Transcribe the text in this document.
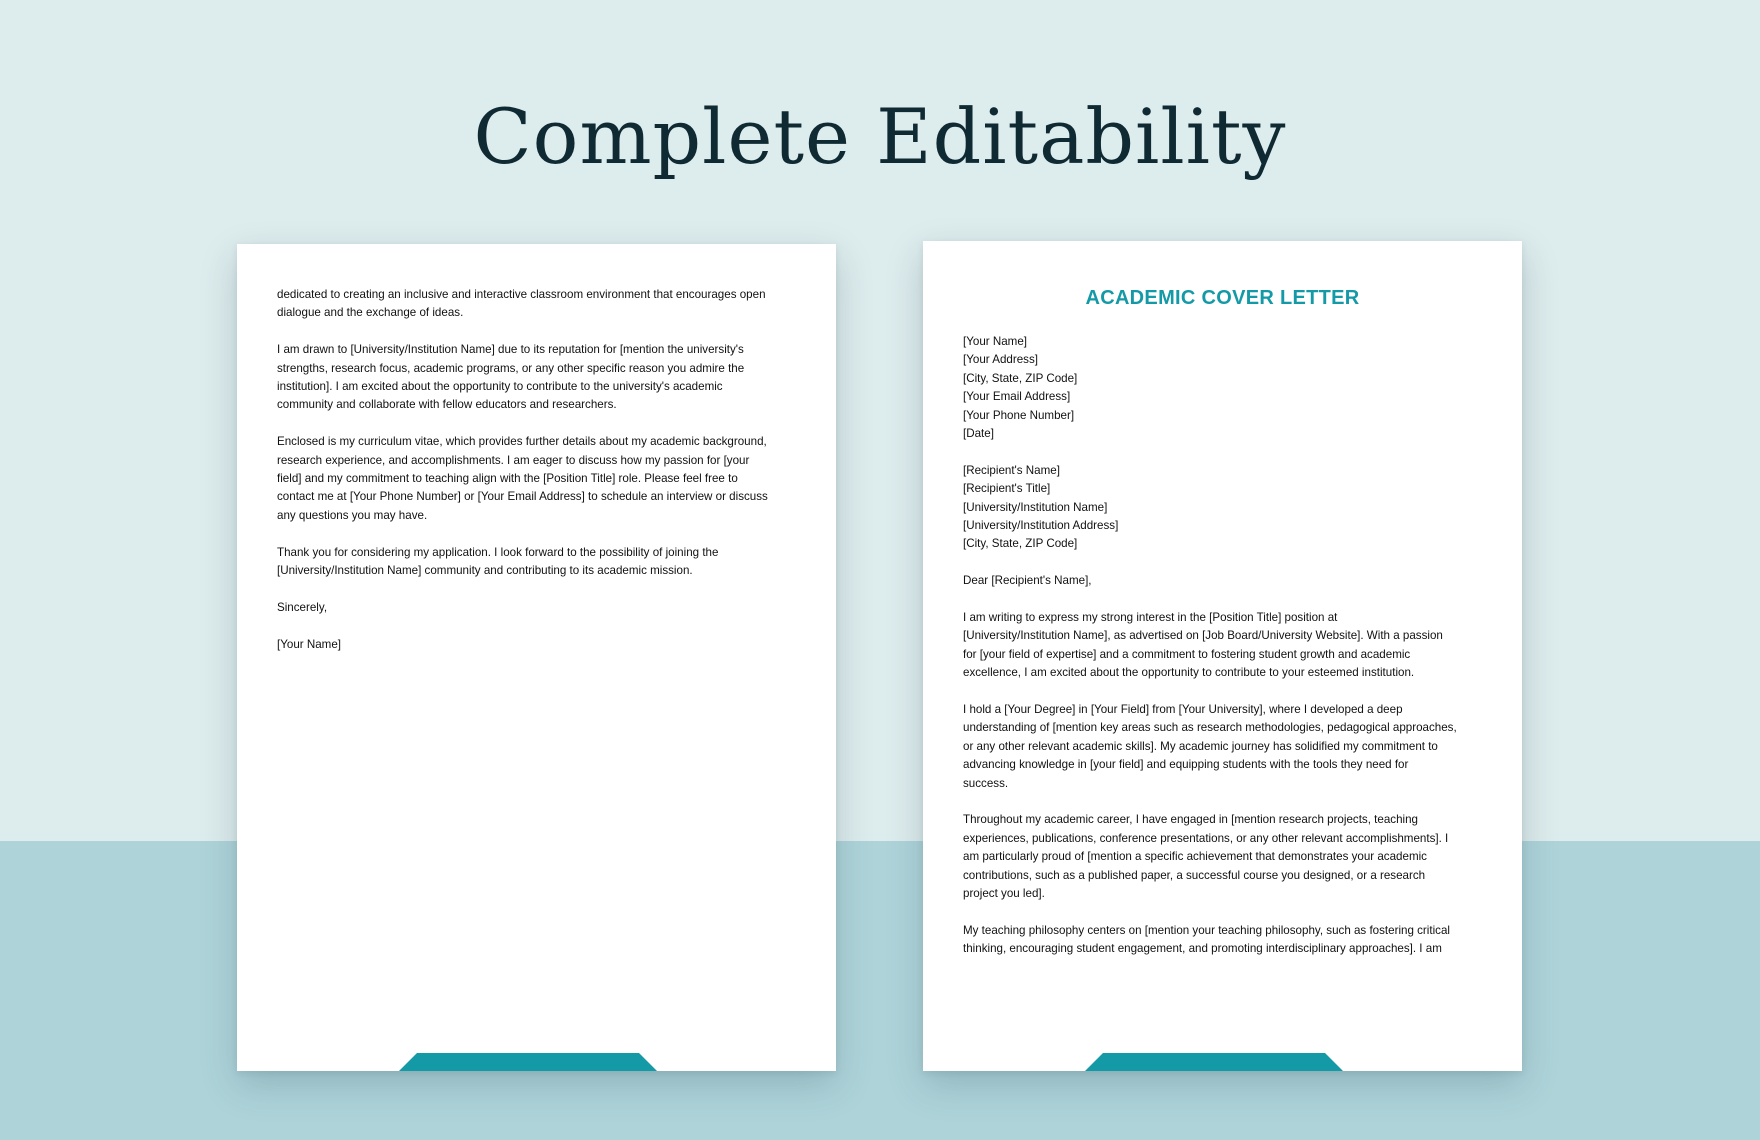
Complete Editability
dedicated to creating an inclusive and interactive classroom environment that encourages open
dialogue and the exchange of ideas.
I am drawn to [University/Institution Name] due to its reputation for [mention the university's
strengths, research focus, academic programs, or any other specific reason you admire the
institution]. I am excited about the opportunity to contribute to the university's academic
community and collaborate with fellow educators and researchers.
Enclosed is my curriculum vitae, which provides further details about my academic background,
research experience, and accomplishments. I am eager to discuss how my passion for [your
field] and my commitment to teaching align with the [Position Title] role. Please feel free to
contact me at [Your Phone Number] or [Your Email Address] to schedule an interview or discuss
any questions you may have.
Thank you for considering my application. I look forward to the possibility of joining the
[University/Institution Name] community and contributing to its academic mission.
Sincerely,
[Your Name]
ACADEMIC COVER LETTER
[Your Name]
[Your Address]
[City, State, ZIP Code]
[Your Email Address]
[Your Phone Number]
[Date]
[Recipient's Name]
[Recipient's Title]
[University/Institution Name]
[University/Institution Address]
[City, State, ZIP Code]
Dear [Recipient's Name],
I am writing to express my strong interest in the [Position Title] position at
[University/Institution Name], as advertised on [Job Board/University Website]. With a passion
for [your field of expertise] and a commitment to fostering student growth and academic
excellence, I am excited about the opportunity to contribute to your esteemed institution.
I hold a [Your Degree] in [Your Field] from [Your University], where I developed a deep
understanding of [mention key areas such as research methodologies, pedagogical approaches,
or any other relevant academic skills]. My academic journey has solidified my commitment to
advancing knowledge in [your field] and equipping students with the tools they need for
success.
Throughout my academic career, I have engaged in [mention research projects, teaching
experiences, publications, conference presentations, or any other relevant accomplishments]. I
am particularly proud of [mention a specific achievement that demonstrates your academic
contributions, such as a published paper, a successful course you designed, or a research
project you led].
My teaching philosophy centers on [mention your teaching philosophy, such as fostering critical
thinking, encouraging student engagement, and promoting interdisciplinary approaches]. I am
